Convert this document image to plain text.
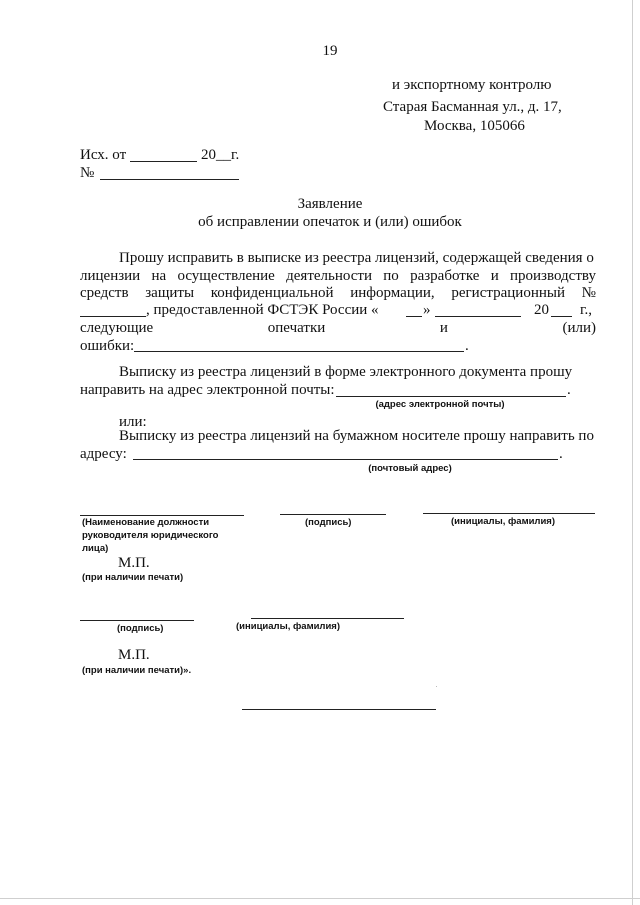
19
и экспортному контролю
Старая Басманная ул., д. 17,
Москва, 105066
Исх. от	20__г.
№
Заявление
об исправлении опечаток и (или) ошибок
Прошу исправить в выписке из реестра лицензий, содержащей сведения о
лицензии на осуществление деятельности по разработке и производству
средств защиты конфиденциальной информации, регистрационный №
, предоставленной ФСТЭК России «	»	20 г.,
следующие	опечатки	и	(или)
ошибки:	.
Выписку из реестра лицензий в форме электронного документа прошу
направить на адрес электронной почты:	.
(адрес электронной почты)
или:
Выписку из реестра лицензий на бумажном носителе прошу направить по
адресу:	.
(почтовый адрес)
(Наименование должности
руководителя юридического
лица)
(подпись)	(инициалы, фамилия)
М.П.
(при наличии печати)
(подпись)	(инициалы, фамилия)
М.П.
(при наличии печати)».
